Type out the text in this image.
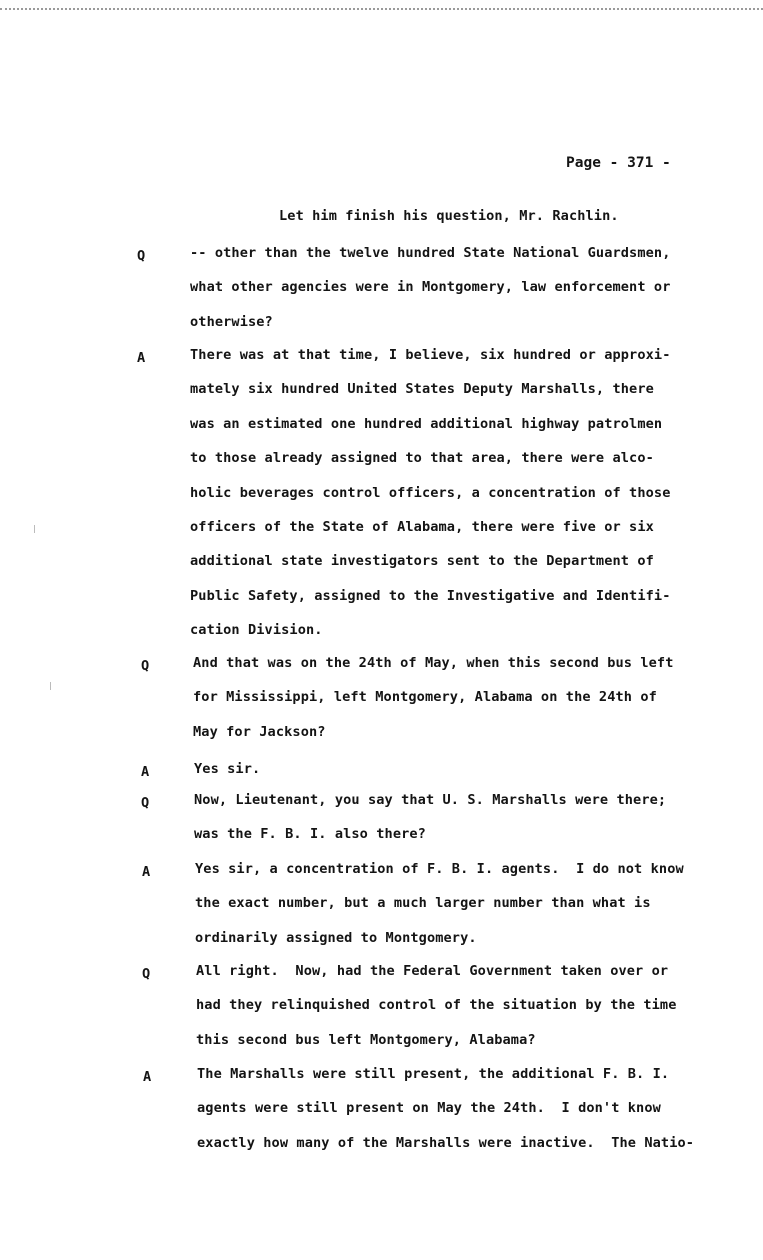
Page - 371 -
Let him finish his question, Mr. Rachlin.
Q	-- other than the twelve hundred State National Guardsmen,
what other agencies were in Montgomery, law enforcement or
otherwise?
A	There was at that time, I believe, six hundred or approxi-
mately six hundred United States Deputy Marshalls, there
was an estimated one hundred additional highway patrolmen
to those already assigned to that area, there were alco-
holic beverages control officers, a concentration of those
officers of the State of Alabama, there were five or six
additional state investigators sent to the Department of
Public Safety, assigned to the Investigative and Identifi-
cation Division.
Q	And that was on the 24th of May, when this second bus left
for Mississippi, left Montgomery, Alabama on the 24th of
May for Jackson?
A	Yes sir.
Q	Now, Lieutenant, you say that U. S. Marshalls were there;
was the F. B. I. also there?
A	Yes sir, a concentration of F. B. I. agents.  I do not know
the exact number, but a much larger number than what is
ordinarily assigned to Montgomery.
Q	All right.  Now, had the Federal Government taken over or
had they relinquished control of the situation by the time
this second bus left Montgomery, Alabama?
A	The Marshalls were still present, the additional F. B. I.
agents were still present on May the 24th.  I don't know
exactly how many of the Marshalls were inactive.  The Natio-
